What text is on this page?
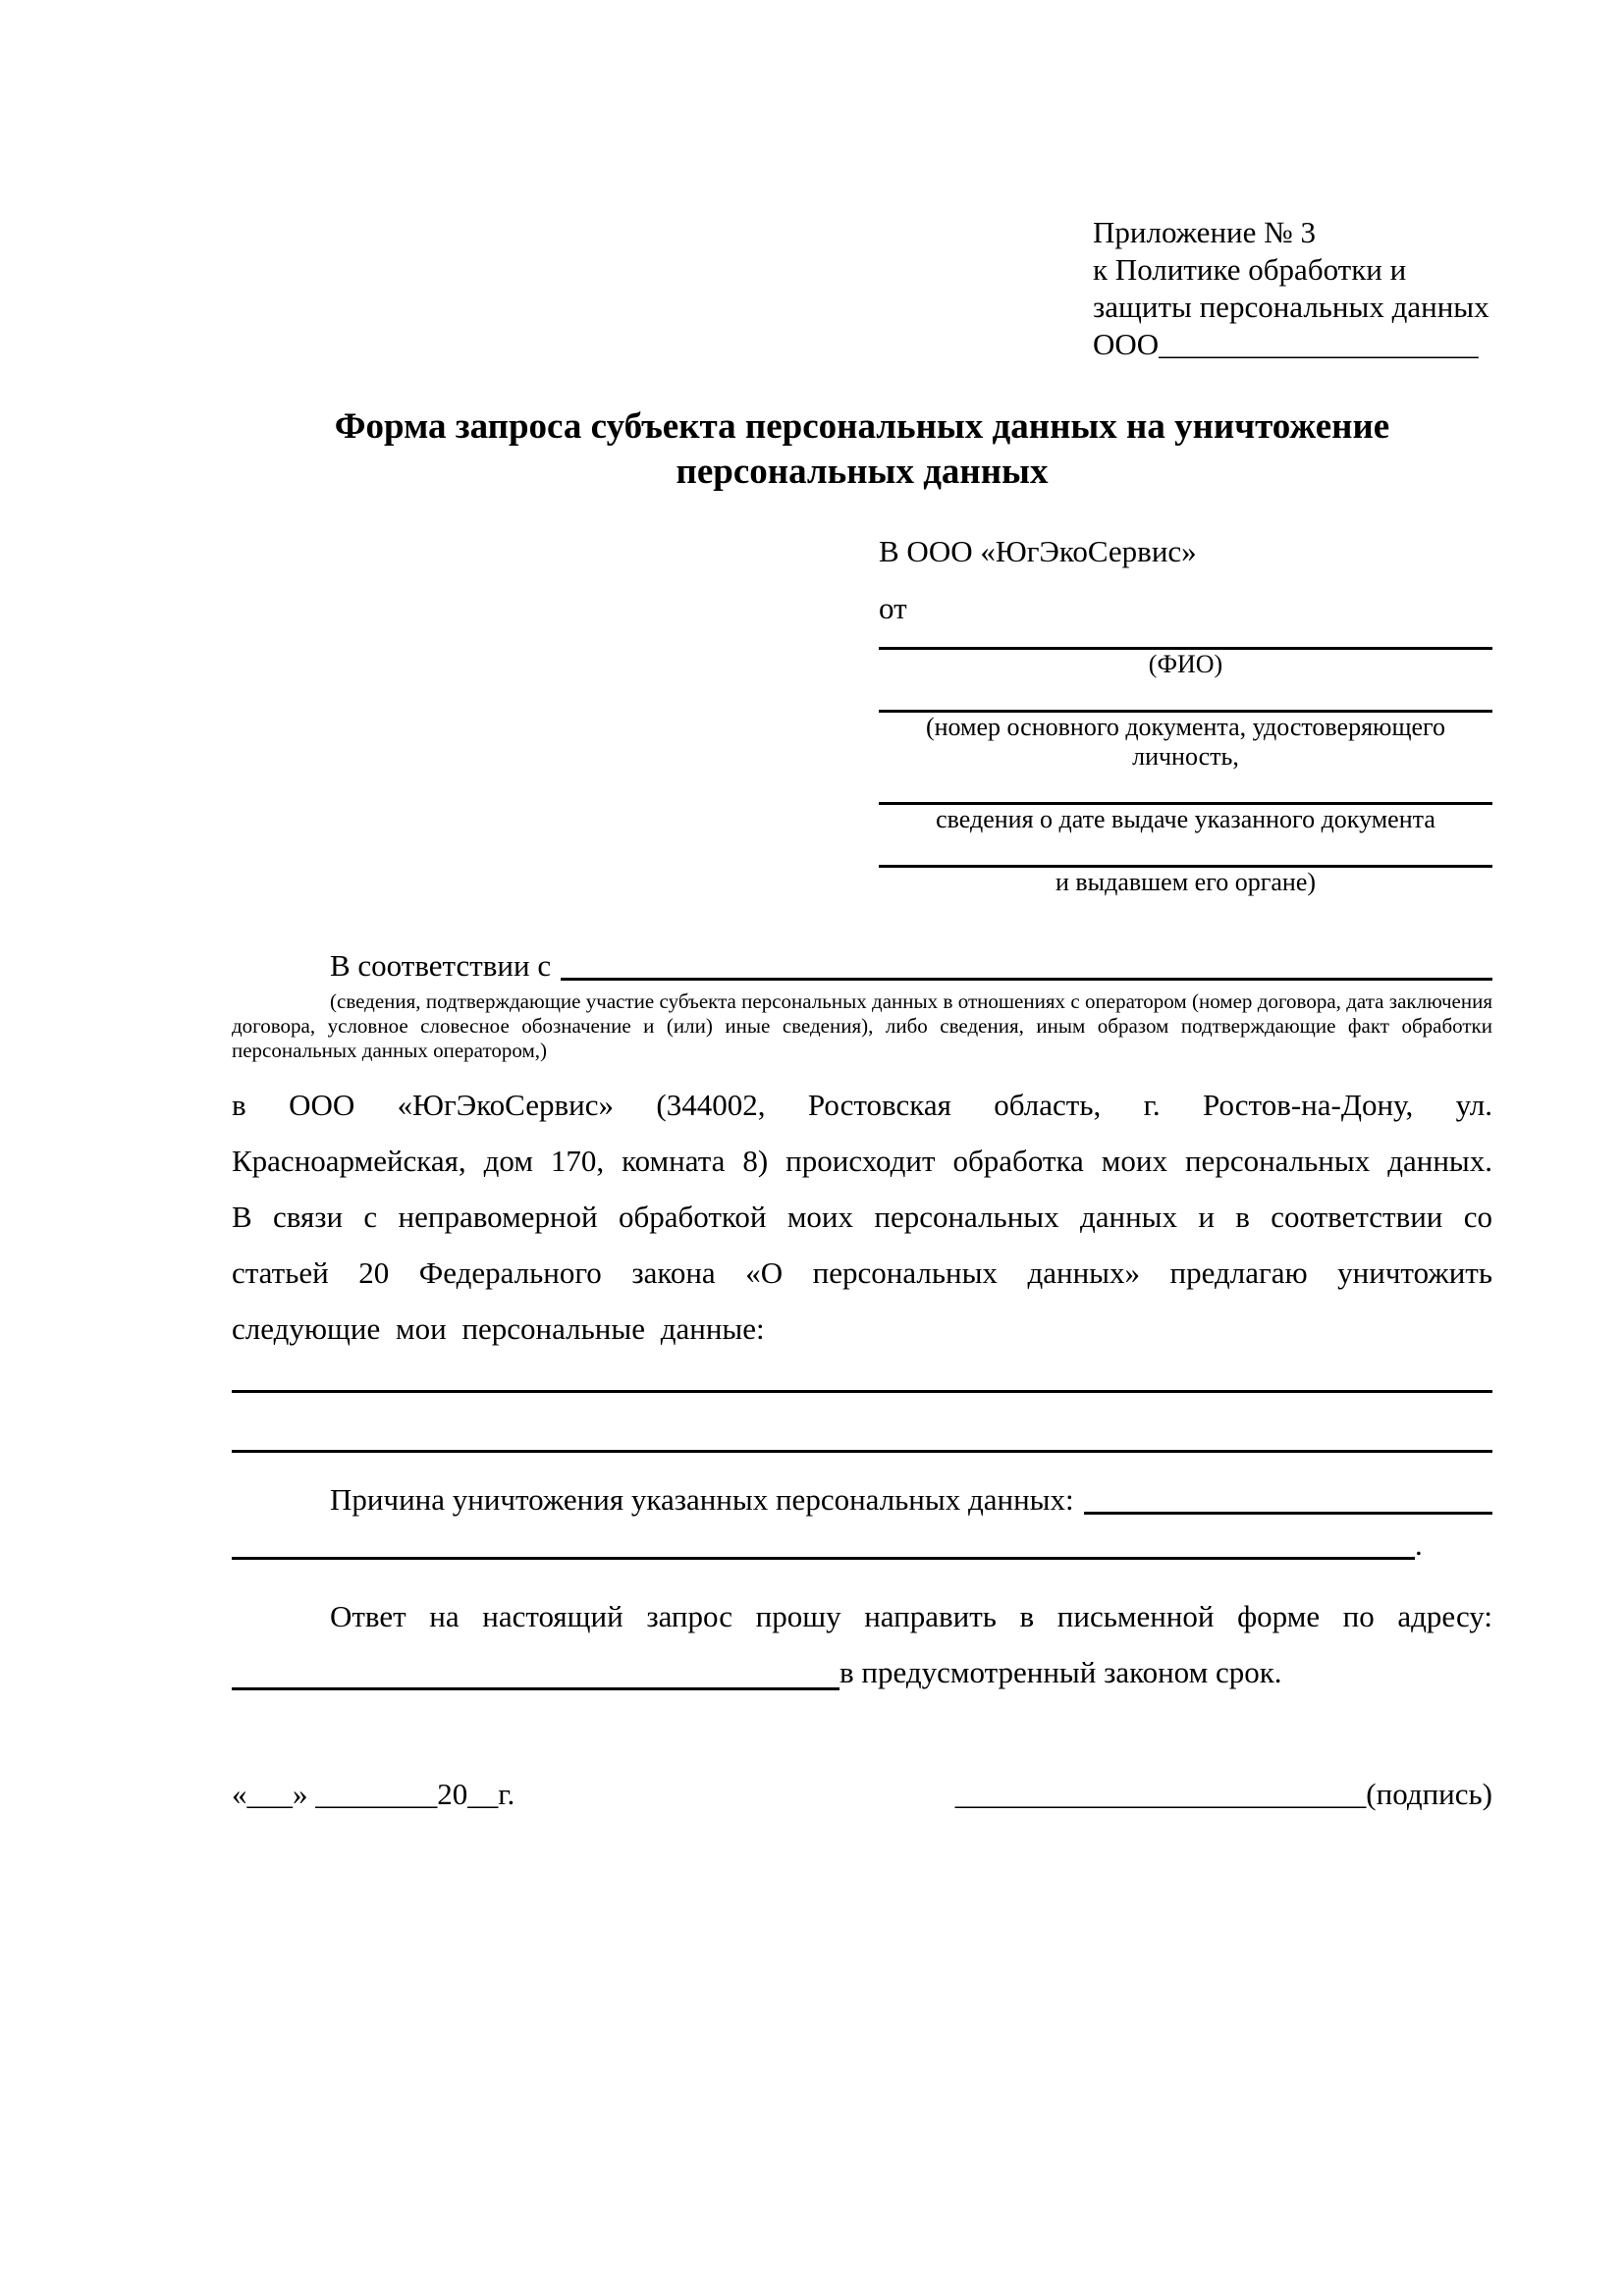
Приложение № 3
к Политике обработки и
защиты персональных данных
ООО_____________________
Форма запроса субъекта персональных данных на уничтожение персональных данных
В ООО «ЮгЭкоСервис»
от
(ФИО)
(номер основного документа, удостоверяющего личность,
сведения о дате выдаче указанного документа
и выдавшем его органе)
В соответствии с
(сведения, подтверждающие участие субъекта персональных данных в отношениях с оператором (номер договора, дата заключения договора, условное словесное обозначение и (или) иные сведения), либо сведения, иным образом подтверждающие факт обработки персональных данных оператором,)
в ООО «ЮгЭкоСервис» (344002, Ростовская область, г. Ростов-на-Дону, ул. Красноармейская, дом 170, комната 8) происходит обработка моих персональных данных. В связи с неправомерной обработкой моих персональных данных и в соответствии со статьей 20 Федерального закона «О персональных данных» предлагаю уничтожить следующие мои персональные данные:
Причина уничтожения указанных персональных данных:
.
Ответ на настоящий запрос прошу направить в письменной форме по адресу:
в предусмотренный законом срок.
«___» ________20__г.	___________________________(подпись)
